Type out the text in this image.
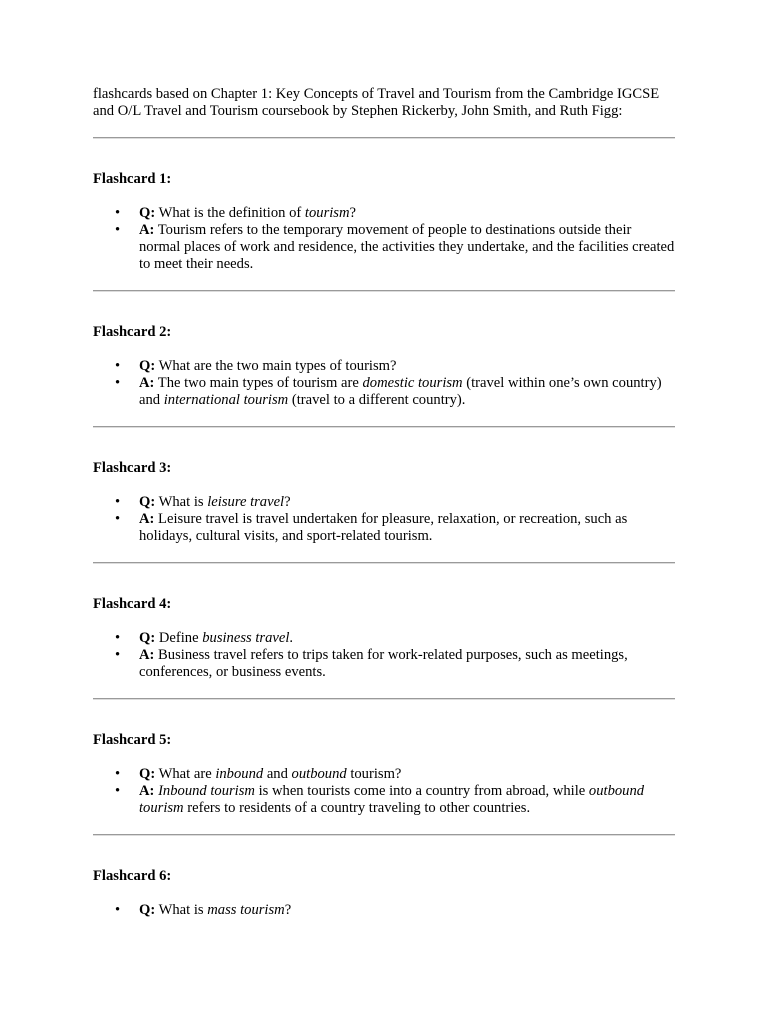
flashcards based on Chapter 1: Key Concepts of Travel and Tourism from the Cambridge IGCSE and O/L Travel and Tourism coursebook by Stephen Rickerby, John Smith, and Ruth Figg:

Flashcard 1:

• Q: What is the definition of tourism?
• A: Tourism refers to the temporary movement of people to destinations outside their normal places of work and residence, the activities they undertake, and the facilities created to meet their needs.

Flashcard 2:

• Q: What are the two main types of tourism?
• A: The two main types of tourism are domestic tourism (travel within one’s own country) and international tourism (travel to a different country).

Flashcard 3:

• Q: What is leisure travel?
• A: Leisure travel is travel undertaken for pleasure, relaxation, or recreation, such as holidays, cultural visits, and sport-related tourism.

Flashcard 4:

• Q: Define business travel.
• A: Business travel refers to trips taken for work-related purposes, such as meetings, conferences, or business events.

Flashcard 5:

• Q: What are inbound and outbound tourism?
• A: Inbound tourism is when tourists come into a country from abroad, while outbound tourism refers to residents of a country traveling to other countries.

Flashcard 6:

• Q: What is mass tourism?
